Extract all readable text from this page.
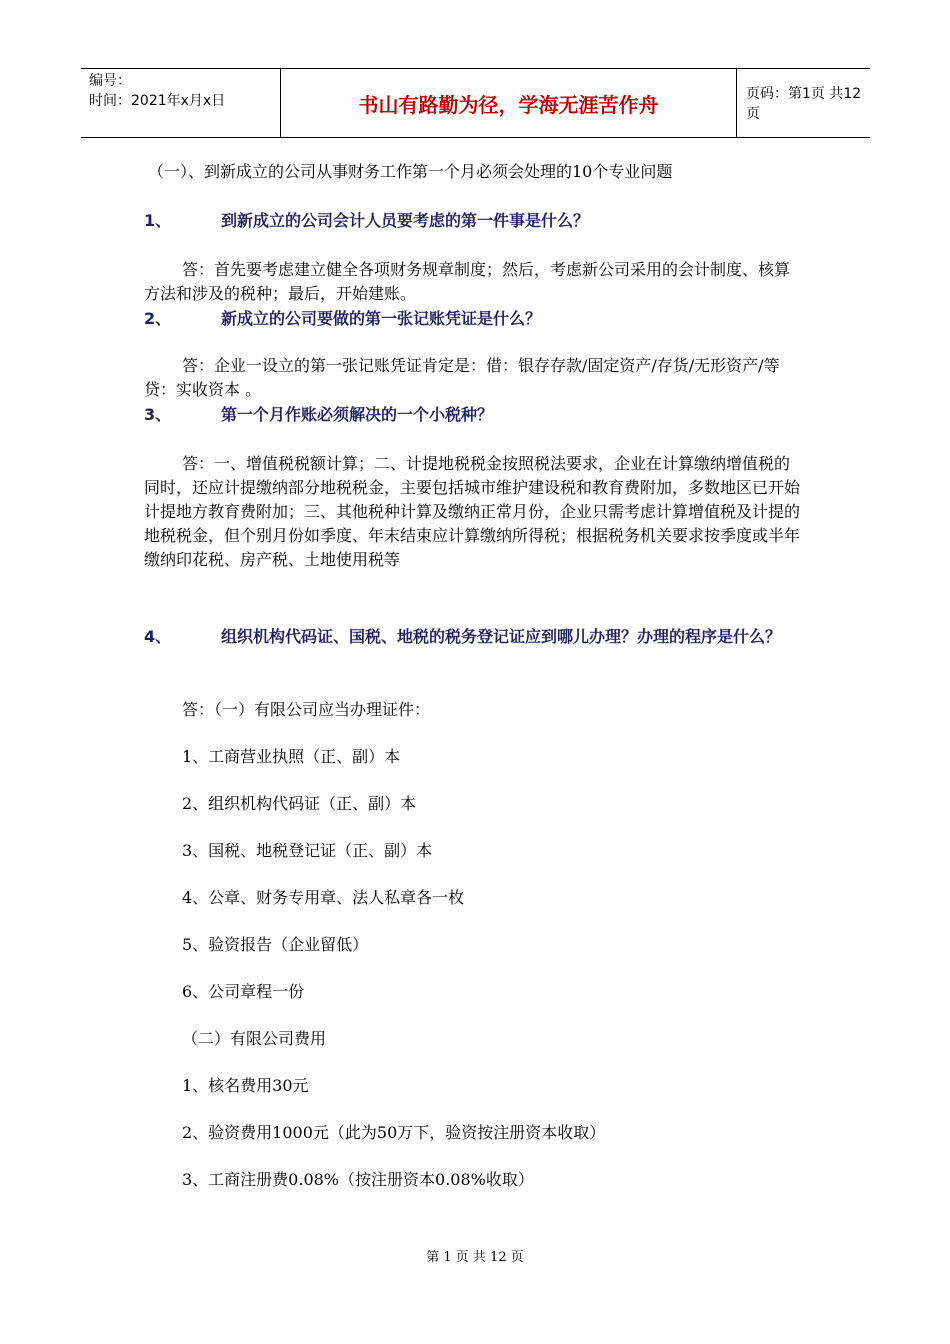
编号：
时间：2021年x月x日	书山有路勤为径，学海无涯苦作舟	页码：第1页 共12页
（一）、到新成立的公司从事财务工作第一个月必须会处理的10个专业问题
1、	到新成立的公司会计人员要考虑的第一件事是什么？
答：首先要考虑建立健全各项财务规章制度；然后，考虑新公司采用的会计制度、核算方法和涉及的税种；最后，开始建账。
2、	新成立的公司要做的第一张记账凭证是什么？
答：企业一设立的第一张记账凭证肯定是：借：银存存款/固定资产/存货/无形资产/等 贷：实收资本 。
3、	第一个月作账必须解决的一个小税种？
答：一、增值税税额计算；二、计提地税税金按照税法要求，企业在计算缴纳增值税的同时，还应计提缴纳部分地税税金，主要包括城市维护建设税和教育费附加，多数地区已开始计提地方教育费附加；三、其他税种计算及缴纳正常月份，企业只需考虑计算增值税及计提的地税税金，但个别月份如季度、年末结束应计算缴纳所得税；根据税务机关要求按季度或半年缴纳印花税、房产税、土地使用税等
4、	组织机构代码证、国税、地税的税务登记证应到哪儿办理？办理的程序是什么？
答：（一）有限公司应当办理证件：
1、工商营业执照（正、副）本
2、组织机构代码证（正、副）本
3、国税、地税登记证（正、副）本
4、公章、财务专用章、法人私章各一枚
5、验资报告（企业留低）
6、公司章程一份
（二）有限公司费用
1、核名费用30元
2、验资费用1000元（此为50万下，验资按注册资本收取）
3、工商注册费0.08%（按注册资本0.08%收取）
第 1 页 共 12 页
